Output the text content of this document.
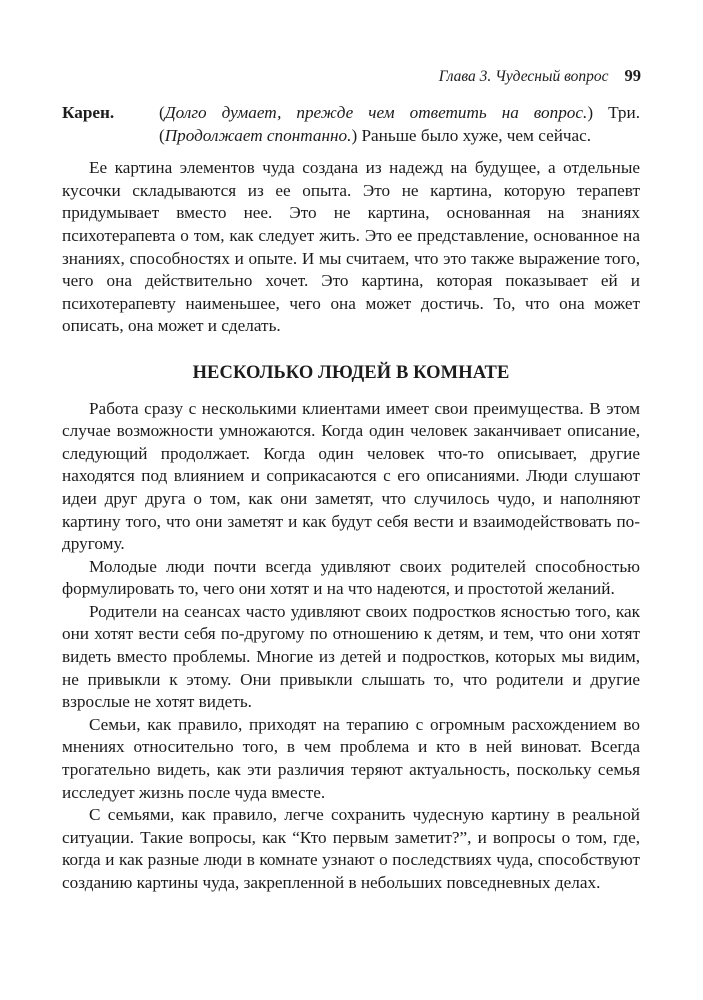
Глава 3. Чудесный вопрос 99
Карен.	(Долго думает, прежде чем ответить на вопрос.) Три. (Продолжает спонтанно.) Раньше было хуже, чем сейчас.

Ее картина элементов чуда создана из надежд на будущее, а отдельные кусочки складываются из ее опыта. Это не картина, которую терапевт придумывает вместо нее. Это не картина, основанная на знаниях психотерапевта о том, как следует жить. Это ее представление, основанное на знаниях, способностях и опыте. И мы считаем, что это также выражение того, чего она действительно хочет. Это картина, которая показывает ей и психотерапевту наименьшее, чего она может достичь. То, что она может описать, она может и сделать.

НЕСКОЛЬКО ЛЮДЕЙ В КОМНАТЕ

Работа сразу с несколькими клиентами имеет свои преимущества. В этом случае возможности умножаются. Когда один человек заканчивает описание, следующий продолжает. Когда один человек что-то описывает, другие находятся под влиянием и соприкасаются с его описаниями. Люди слушают идеи друг друга о том, как они заметят, что случилось чудо, и наполняют картину того, что они заметят и как будут себя вести и взаимодействовать по-другому.

Молодые люди почти всегда удивляют своих родителей способностью формулировать то, чего они хотят и на что надеются, и простотой желаний.

Родители на сеансах часто удивляют своих подростков ясностью того, как они хотят вести себя по-другому по отношению к детям, и тем, что они хотят видеть вместо проблемы. Многие из детей и подростков, которых мы видим, не привыкли к этому. Они привыкли слышать то, что родители и другие взрослые не хотят видеть.

Семьи, как правило, приходят на терапию с огромным расхождением во мнениях относительно того, в чем проблема и кто в ней виноват. Всегда трогательно видеть, как эти различия теряют актуальность, поскольку семья исследует жизнь после чуда вместе.

С семьями, как правило, легче сохранить чудесную картину в реальной ситуации. Такие вопросы, как “Кто первым заметит?”, и вопросы о том, где, когда и как разные люди в комнате узнают о последствиях чуда, способствуют созданию картины чуда, закрепленной в небольших повседневных делах.
